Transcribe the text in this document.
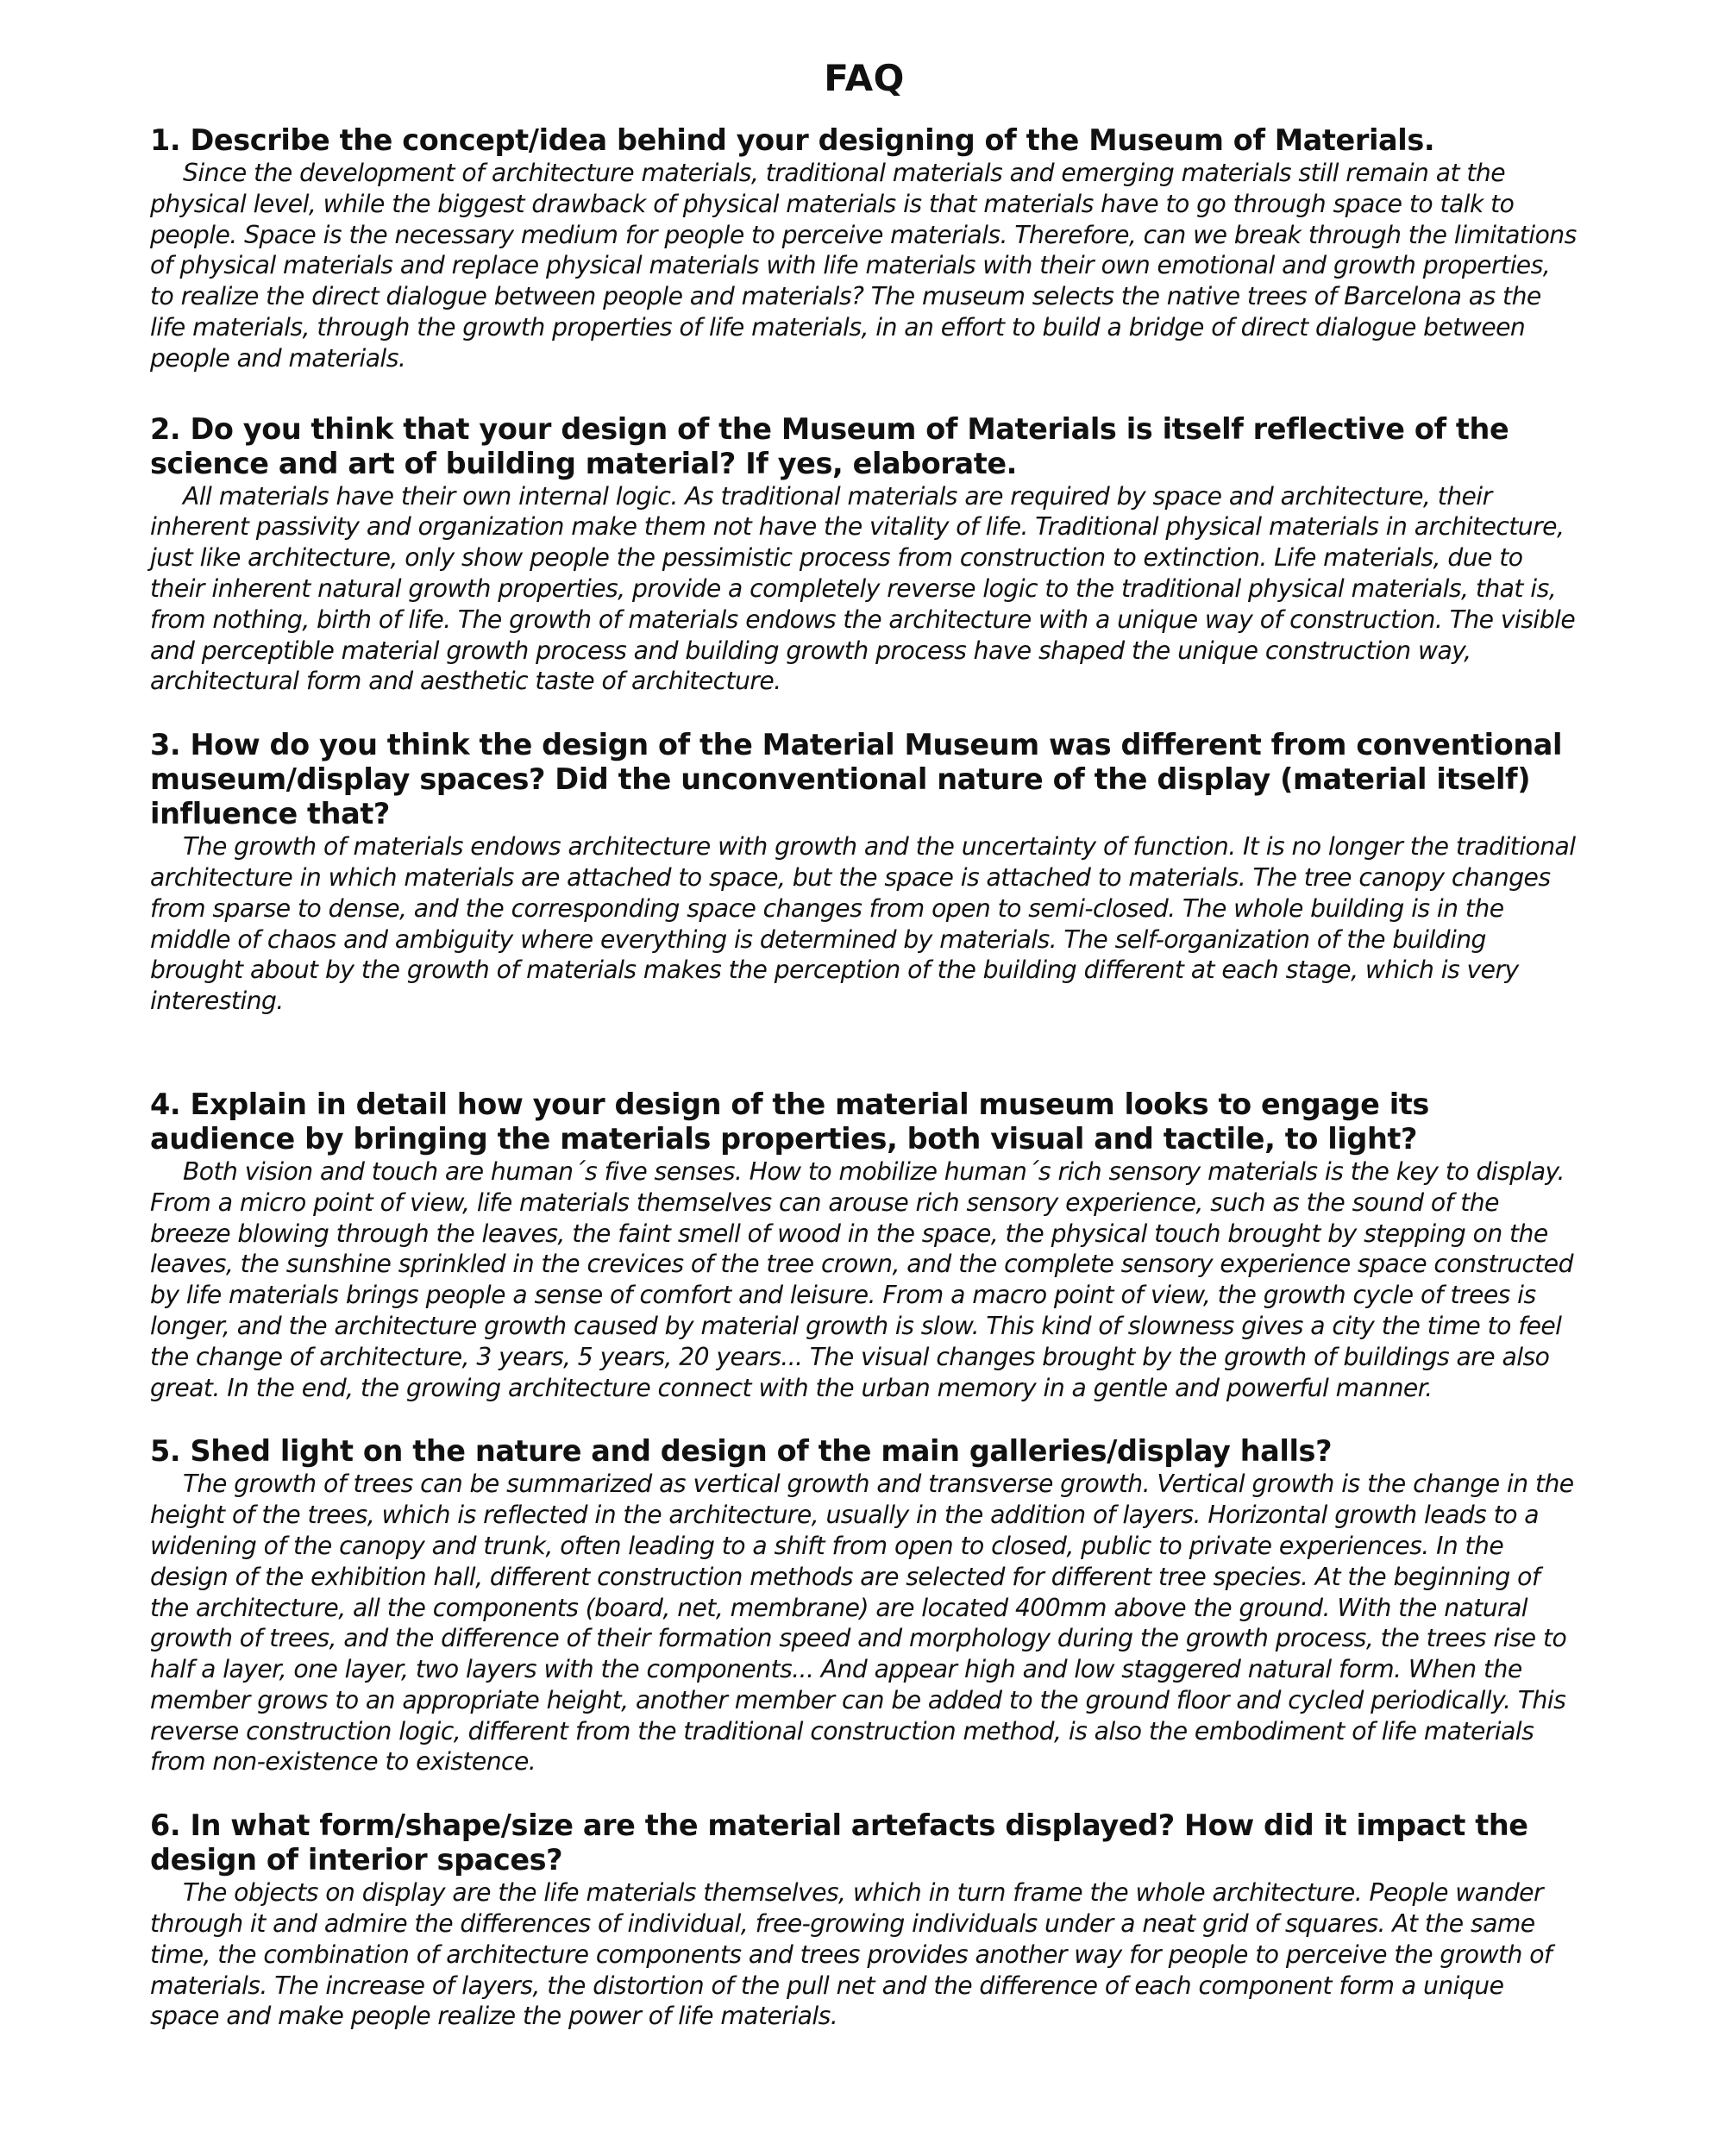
FAQ
1. Describe the concept/idea behind your designing of the Museum of Materials.

Since the development of architecture materials, traditional materials and emerging materials still remain at the physical level, while the biggest drawback of physical materials is that materials have to go through space to talk to people. Space is the necessary medium for people to perceive materials. Therefore, can we break through the limitations of physical materials and replace physical materials with life materials with their own emotional and growth properties, to realize the direct dialogue between people and materials? The museum selects the native trees of Barcelona as the life materials, through the growth properties of life materials, in an effort to build a bridge of direct dialogue between people and materials.

2. Do you think that your design of the Museum of Materials is itself reflective of the science and art of building material? If yes, elaborate.

All materials have their own internal logic. As traditional materials are required by space and architecture, their inherent passivity and organization make them not have the vitality of life. Traditional physical materials in architecture, just like architecture, only show people the pessimistic process from construction to extinction. Life materials, due to their inherent natural growth properties, provide a completely reverse logic to the traditional physical materials, that is, from nothing, birth of life. The growth of materials endows the architecture with a unique way of construction. The visible and perceptible material growth process and building growth process have shaped the unique construction way, architectural form and aesthetic taste of architecture.

3. How do you think the design of the Material Museum was different from conventional museum/display spaces? Did the unconventional nature of the display (material itself) influence that?

The growth of materials endows architecture with growth and the uncertainty of function. It is no longer the traditional architecture in which materials are attached to space, but the space is attached to materials. The tree canopy changes from sparse to dense, and the corresponding space changes from open to semi-closed. The whole building is in the middle of chaos and ambiguity where everything is determined by materials. The self-organization of the building brought about by the growth of materials makes the perception of the building different at each stage, which is very interesting.

4. Explain in detail how your design of the material museum looks to engage its audience by bringing the materials properties, both visual and tactile, to light?

Both vision and touch are human´s five senses. How to mobilize human´s rich sensory materials is the key to display. From a micro point of view, life materials themselves can arouse rich sensory experience, such as the sound of the breeze blowing through the leaves, the faint smell of wood in the space, the physical touch brought by stepping on the leaves, the sunshine sprinkled in the crevices of the tree crown, and the complete sensory experience space constructed by life materials brings people a sense of comfort and leisure. From a macro point of view, the growth cycle of trees is longer, and the architecture growth caused by material growth is slow. This kind of slowness gives a city the time to feel the change of architecture, 3 years, 5 years, 20 years... The visual changes brought by the growth of buildings are also great. In the end, the growing architecture connect with the urban memory in a gentle and powerful manner.

5. Shed light on the nature and design of the main galleries/display halls?

The growth of trees can be summarized as vertical growth and transverse growth. Vertical growth is the change in the height of the trees, which is reflected in the architecture, usually in the addition of layers. Horizontal growth leads to a widening of the canopy and trunk, often leading to a shift from open to closed, public to private experiences. In the design of the exhibition hall, different construction methods are selected for different tree species. At the beginning of the architecture, all the components (board, net, membrane) are located 400mm above the ground. With the natural growth of trees, and the difference of their formation speed and morphology during the growth process, the trees rise to half a layer, one layer, two layers with the components... And appear high and low staggered natural form. When the member grows to an appropriate height, another member can be added to the ground floor and cycled periodically. This reverse construction logic, different from the traditional construction method, is also the embodiment of life materials from non-existence to existence.

6. In what form/shape/size are the material artefacts displayed? How did it impact the design of interior spaces?

The objects on display are the life materials themselves, which in turn frame the whole architecture. People wander through it and admire the differences of individual, free-growing individuals under a neat grid of squares. At the same time, the combination of architecture components and trees provides another way for people to perceive the growth of materials. The increase of layers, the distortion of the pull net and the difference of each component form a unique space and make people realize the power of life materials.
